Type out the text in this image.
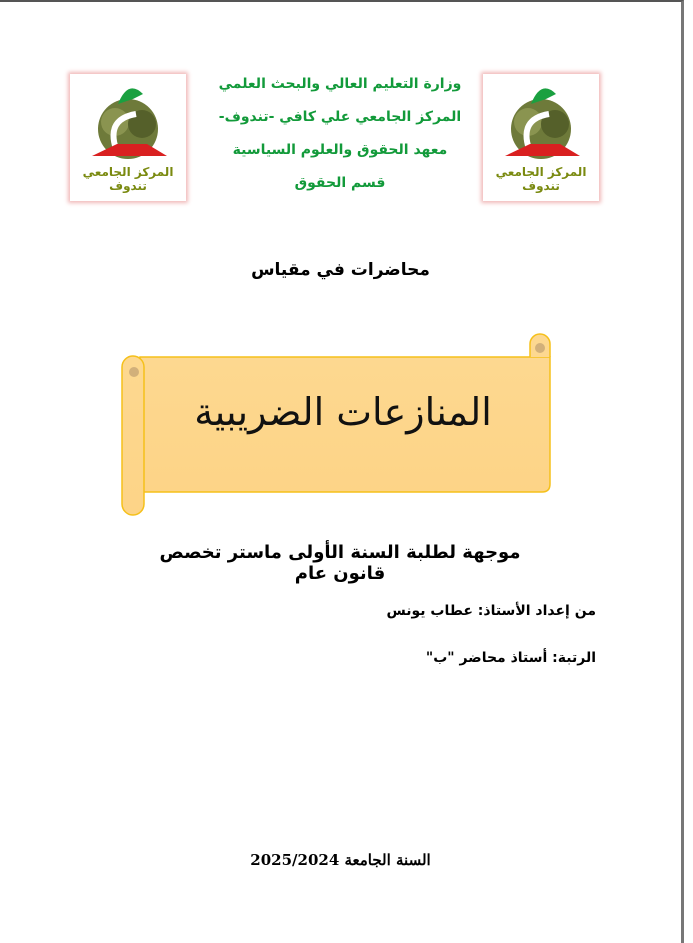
المركز الجامعي تندوف
المركز الجامعي تندوف
وزارة التعليم العالي والبحث العلمي
المركز الجامعي علي كافي -تندوف-
معهد الحقوق والعلوم السياسية
قسم الحقوق
محاضرات في مقياس
المنازعات الضريبية
موجهة لطلبة السنة الأولى ماستر تخصص قانون عام
من إعداد الأستاذ: عطاب يونس
الرتبة: أستاذ محاضر "ب"
السنة الجامعة 2025/2024
